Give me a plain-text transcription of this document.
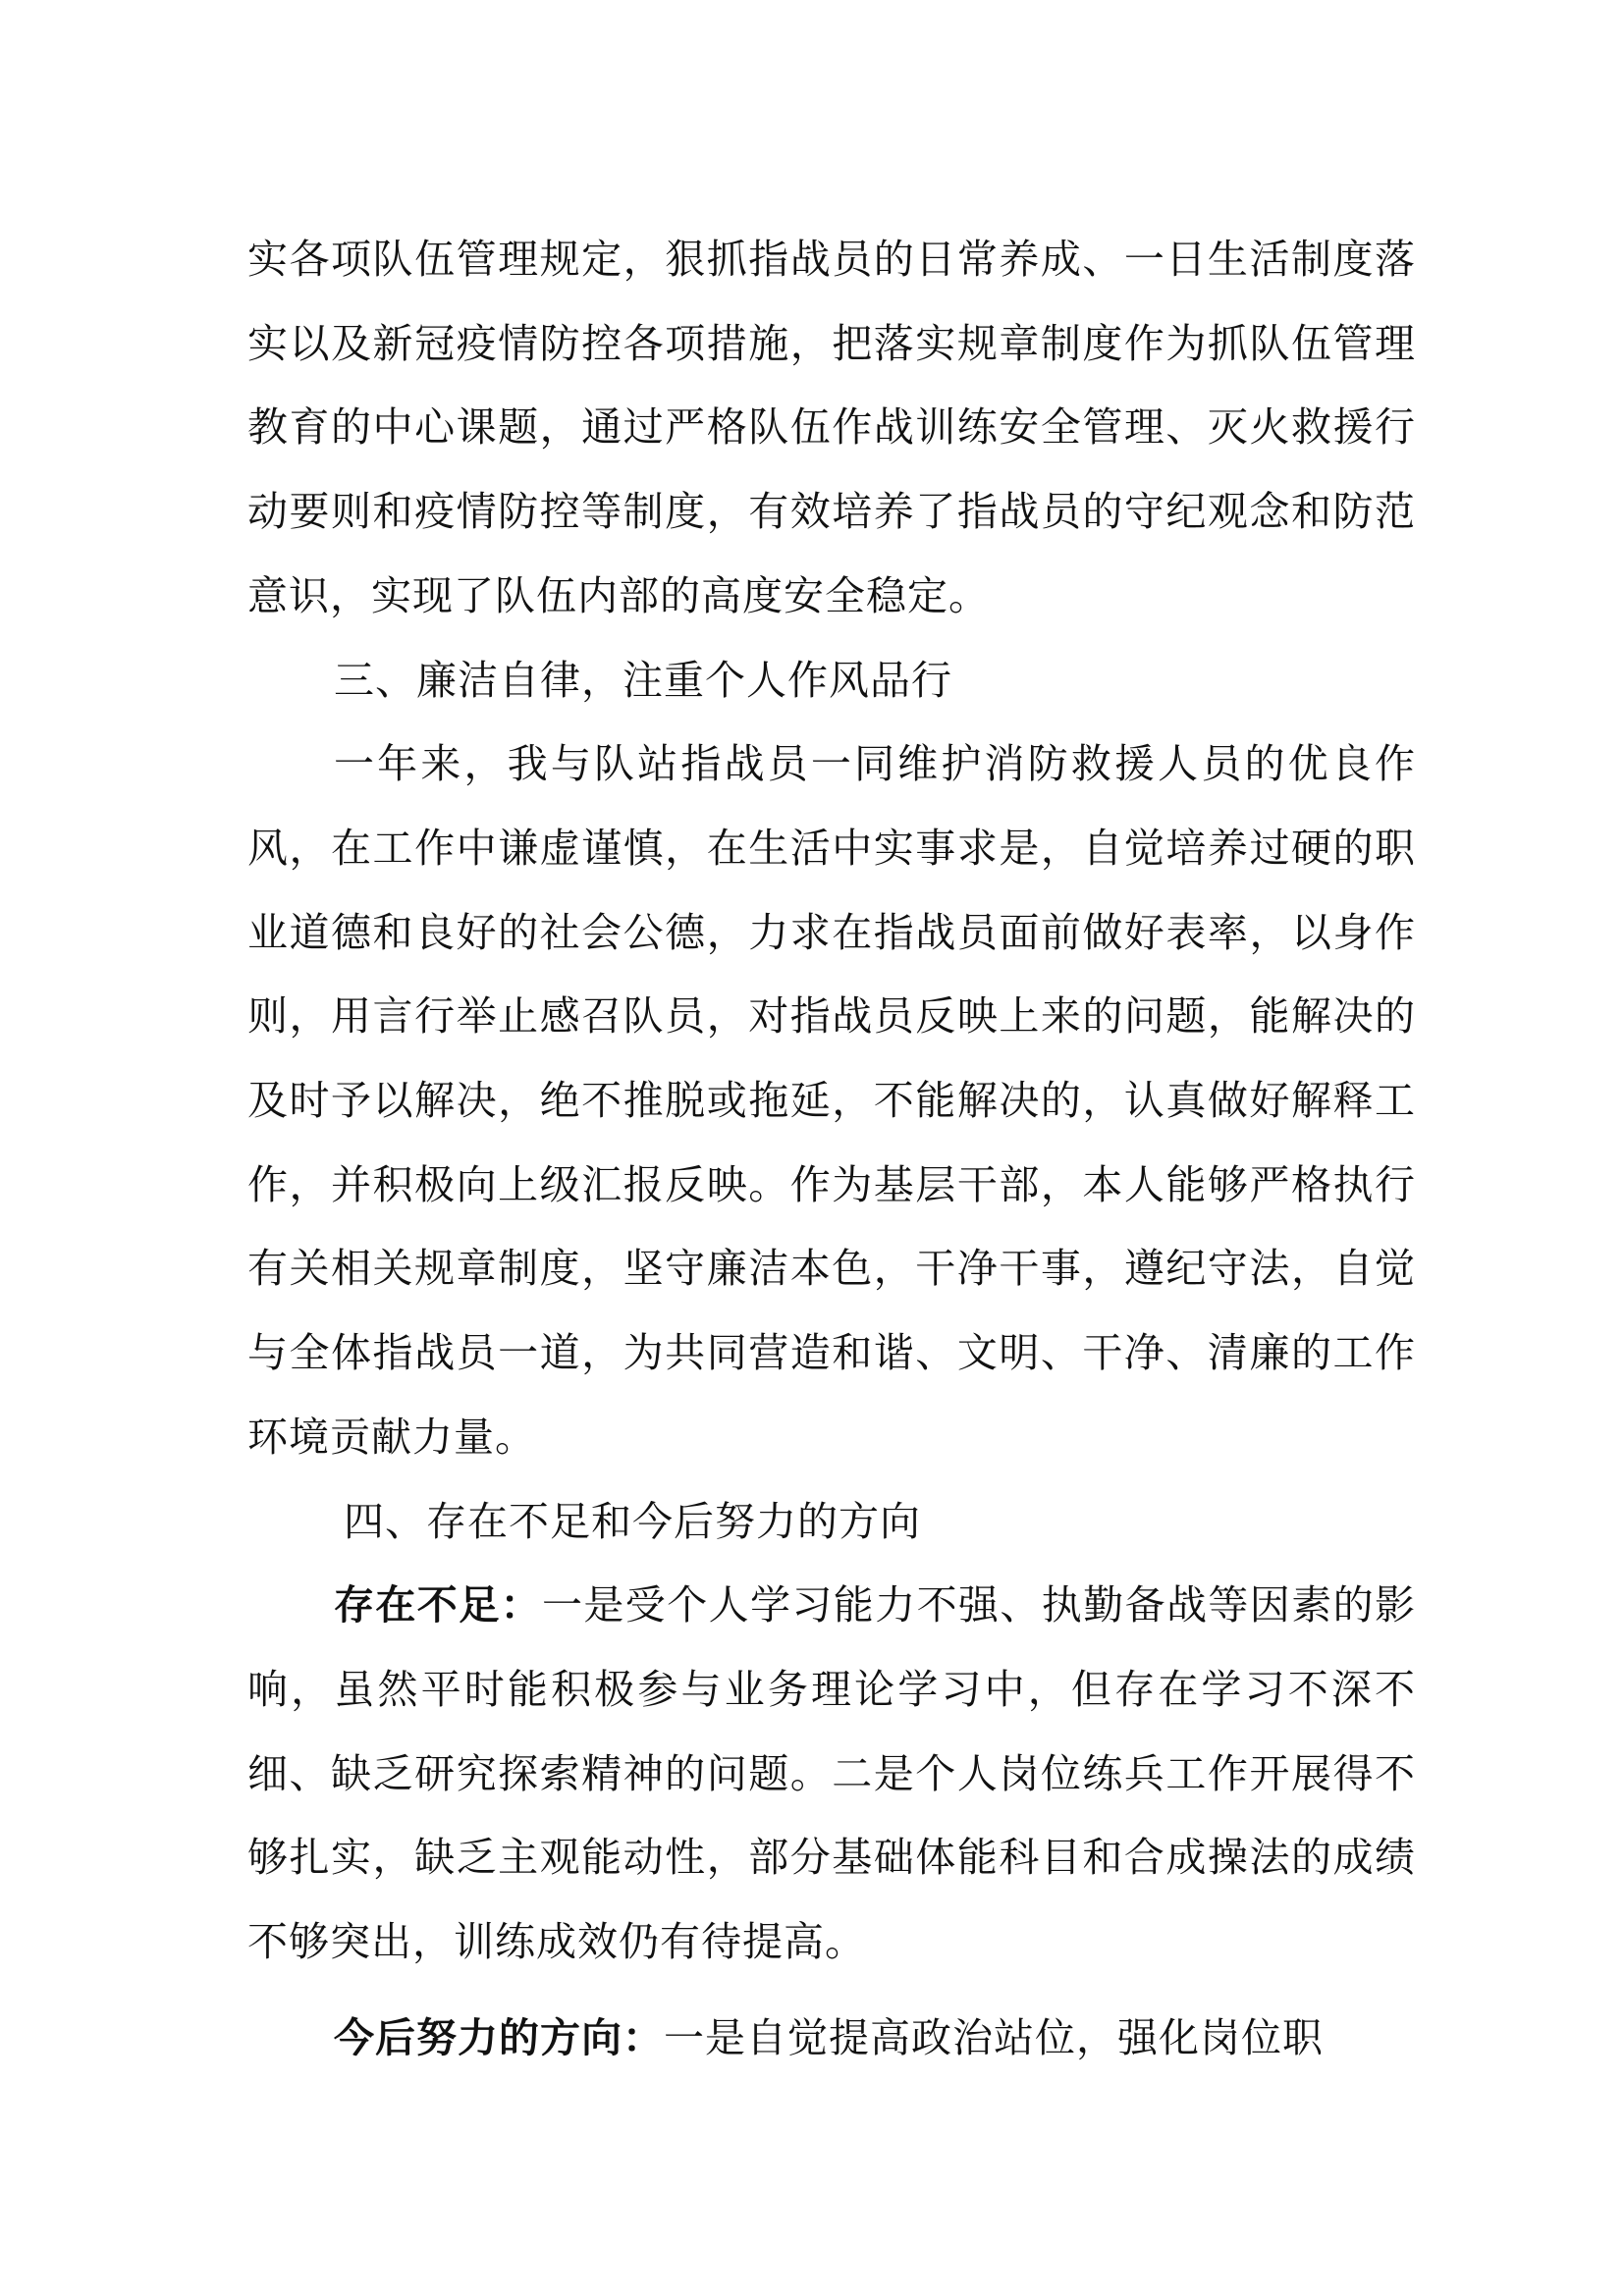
实各项队伍管理规定，狠抓指战员的日常养成、一日生活制度落实以及新冠疫情防控各项措施，把落实规章制度作为抓队伍管理教育的中心课题，通过严格队伍作战训练安全管理、灭火救援行动要则和疫情防控等制度，有效培养了指战员的守纪观念和防范意识，实现了队伍内部的高度安全稳定。

三、廉洁自律，注重个人作风品行

一年来，我与队站指战员一同维护消防救援人员的优良作风，在工作中谦虚谨慎，在生活中实事求是，自觉培养过硬的职业道德和良好的社会公德，力求在指战员面前做好表率，以身作则，用言行举止感召队员，对指战员反映上来的问题，能解决的及时予以解决，绝不推脱或拖延，不能解决的，认真做好解释工作，并积极向上级汇报反映。作为基层干部，本人能够严格执行有关相关规章制度，坚守廉洁本色，干净干事，遵纪守法，自觉与全体指战员一道，为共同营造和谐、文明、干净、清廉的工作环境贡献力量。

四、存在不足和今后努力的方向

存在不足：一是受个人学习能力不强、执勤备战等因素的影响，虽然平时能积极参与业务理论学习中，但存在学习不深不细、缺乏研究探索精神的问题。二是个人岗位练兵工作开展得不够扎实，缺乏主观能动性，部分基础体能科目和合成操法的成绩不够突出，训练成效仍有待提高。

今后努力的方向：一是自觉提高政治站位，强化岗位职
